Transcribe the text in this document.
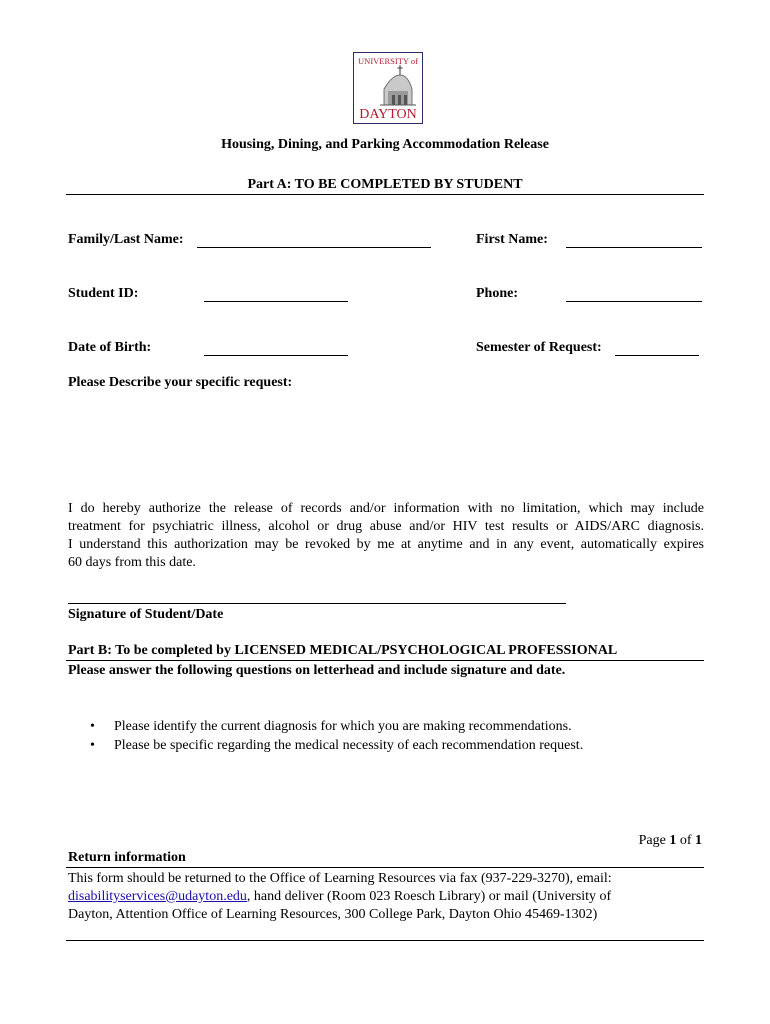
UNIVERSITY of
DAYTON
Housing, Dining, and Parking Accommodation Release
Part A: TO BE COMPLETED BY STUDENT
Family/Last Name:	First Name:
Student ID:	Phone:
Date of Birth:	Semester of Request:
Please Describe your specific request:
I do hereby authorize the release of records and/or information with no limitation, which may include
treatment for psychiatric illness, alcohol or drug abuse and/or HIV test results or AIDS/ARC diagnosis.
I understand this authorization may be revoked by me at anytime and in any event, automatically expires
60 days from this date.
Signature of Student/Date
Part B: To be completed by LICENSED MEDICAL/PSYCHOLOGICAL PROFESSIONAL
Please answer the following questions on letterhead and include signature and date.
• Please identify the current diagnosis for which you are making recommendations.
• Please be specific regarding the medical necessity of each recommendation request.
Page 1 of 1
Return information
This form should be returned to the Office of Learning Resources via fax (937-229-3270), email:
disabilityservices@udayton.edu, hand deliver (Room 023 Roesch Library) or mail (University of
Dayton, Attention Office of Learning Resources, 300 College Park, Dayton Ohio 45469-1302)
